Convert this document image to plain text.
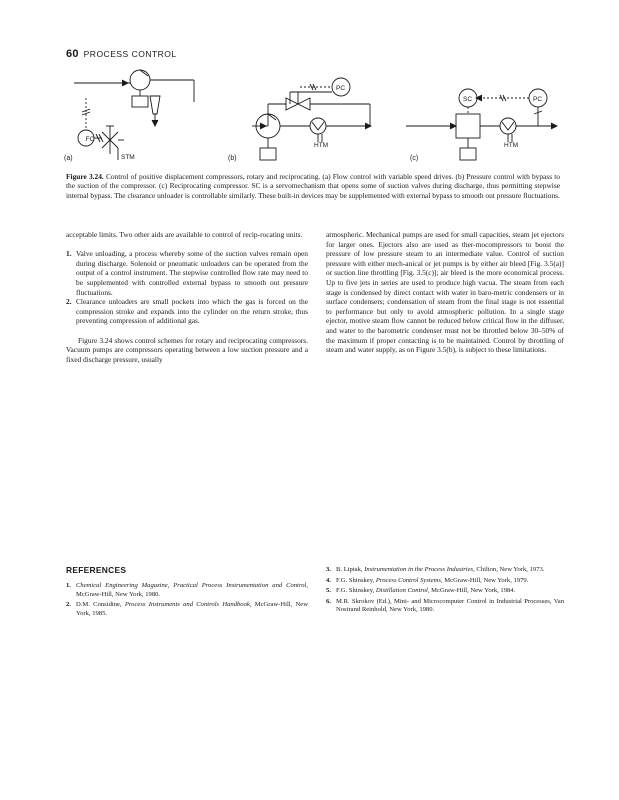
60 PROCESS CONTROL
FC
STM
(a)
HTM
PC
(b)
HTM
SC	PC
(c)
Figure 3.24. Control of positive displacement compressors, rotary and reciprocating. (a) Flow control with variable speed drives. (b) Pressure control with bypass to the suction of the compressor. (c) Reciprocating compressor. SC is a servomechanism that opens some of suction valves during discharge, thus permitting stepwise internal bypass. The clearance unloader is controllable similarly. These built-in devices may be supplemented with external bypass to smooth out pressure fluctuations.

acceptable limits. Two other aids are available to control of recip-rocating units.

1. Valve unloading, a process whereby some of the suction valves remain open during discharge. Solenoid or pneumatic unloaders can be operated from the output of a control instrument. The stepwise controlled flow rate may need to be supplemented with controlled external bypass to smooth out pressure fluctuations.
2. Clearance unloaders are small pockets into which the gas is forced on the compression stroke and expands into the cylinder on the return stroke, thus preventing compression of additional gas.

Figure 3.24 shows control schemes for rotary and reciprocating compressors. Vacuum pumps are compressors operating between a low suction pressure and a fixed discharge pressure, usually

atmospheric. Mechanical pumps are used for small capacities, steam jet ejectors for larger ones. Ejectors also are used as ther-mocompressors to boost the pressure of low pressure steam to an intermediate value. Control of suction pressure with either mech-anical or jet pumps is by either air bleed [Fig. 3.5(a)] or suction line throttling [Fig. 3.5(c)]; air bleed is the more economical process. Up to five jets in series are used to produce high vacua. The steam from each stage is condensed by direct contact with water in baro-metric condensers or in surface condensers; condensation of steam from the final stage is not essential to performance but only to avoid atmospheric pollution. In a single stage ejector, motive steam flow cannot be reduced below critical flow in the diffuser, and water to the barometric condenser must not be throttled below 30–50% of the maximum if proper contacting is to be maintained. Control by throttling of steam and water supply, as on Figure 3.5(b), is subject to these limitations.

REFERENCES
1. Chemical Engineering Magazine, Practical Process Instrumentation and Control, McGraw-Hill, New York, 1980.
2. D.M. Considine, Process Instruments and Controls Handbook, McGraw-Hill, New York, 1985.
3. B. Liptak, Instrumentation in the Process Industries, Chilton, New York, 1973.
4. F.G. Shinskey, Process Control Systems, McGraw-Hill, New York, 1979.
5. F.G. Shinskey, Distillation Control, McGraw-Hill, New York, 1984.
6. M.R. Skrokov (Ed.), Mini- and Microcomputer Control in Industrial Processes, Van Nostrand Reinhold, New York, 1980.
